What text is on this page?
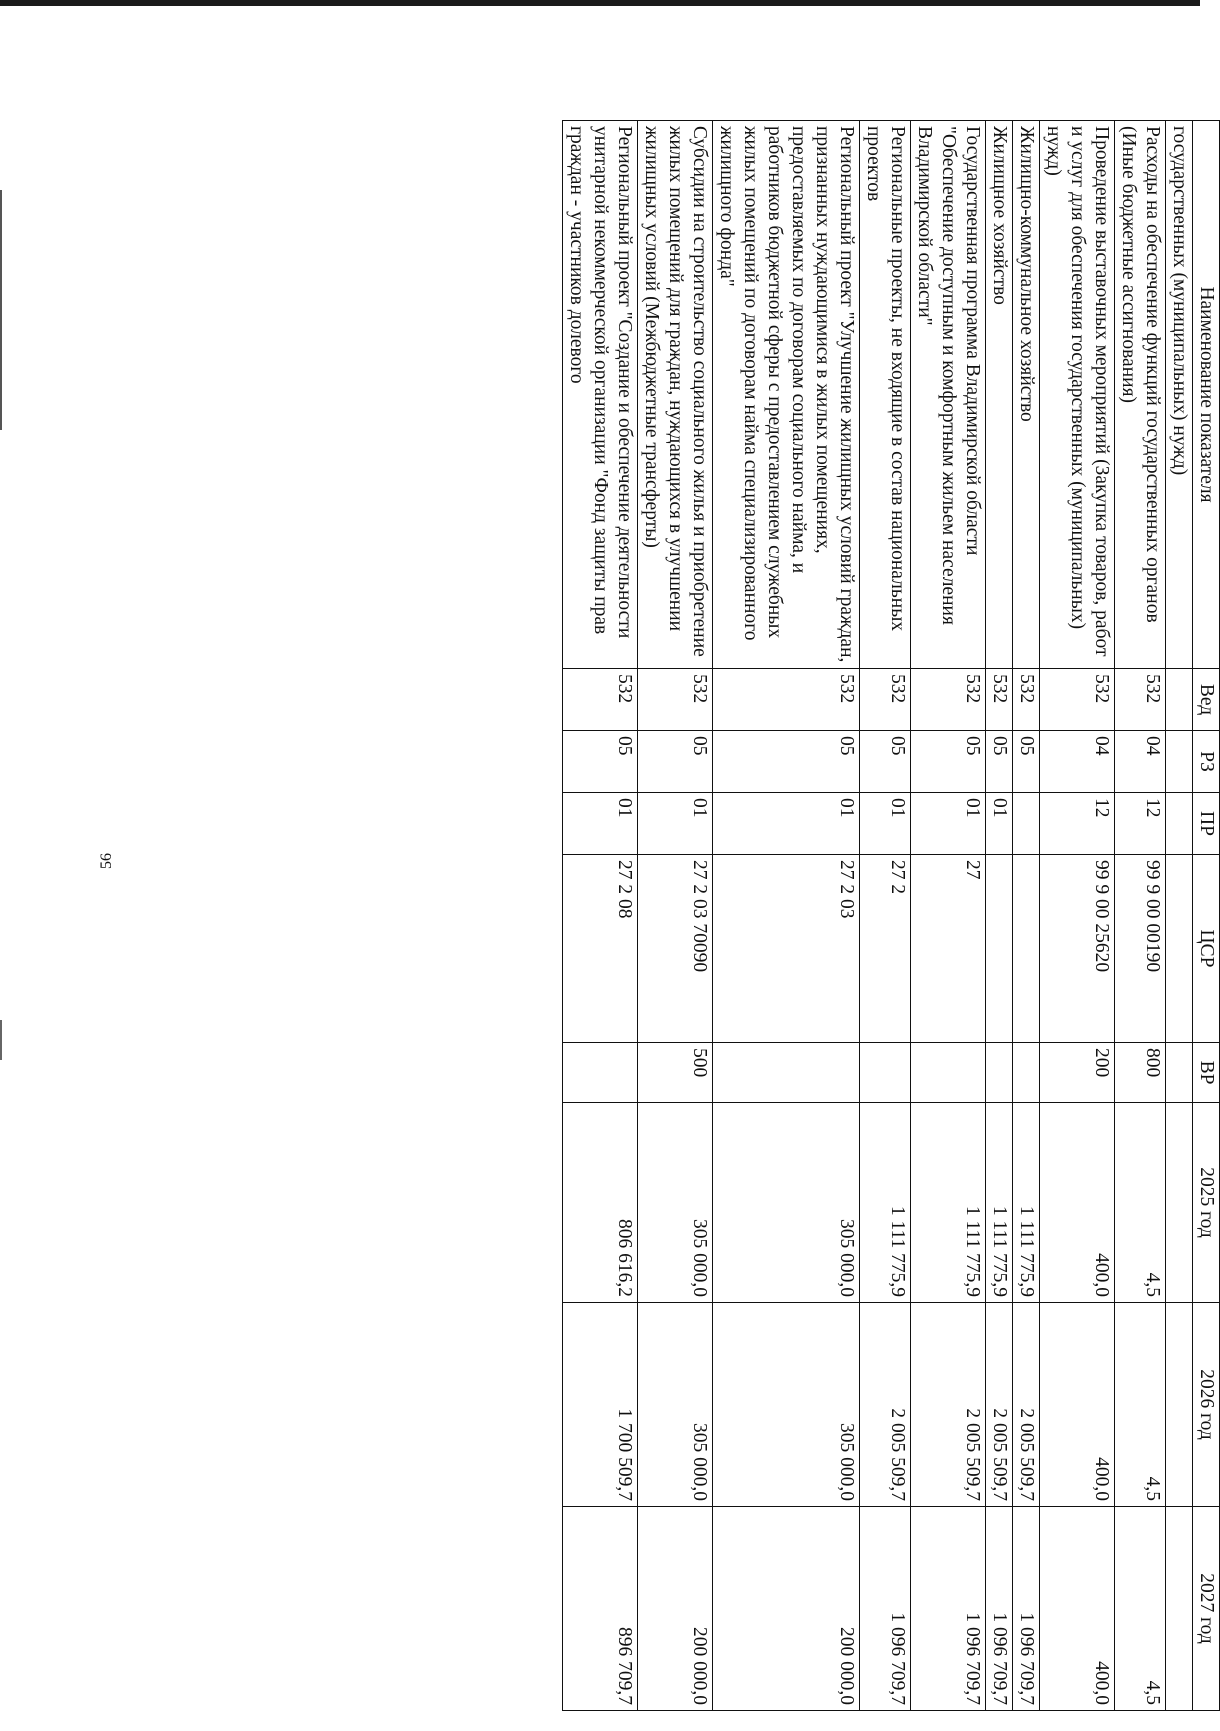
56
Наименование показателя	Вед	РЗ	ПР	ЦСР	ВР	2025 год	2026 год	2027 год
государственных (муниципальных) нужд)								
Расходы на обеспечение функций государственных органов (Иные бюджетные ассигнования)	532	04	12	99 9 00 00190	800	4,5	4,5	4,5
Проведение выставочных мероприятий (Закупка товаров, работ и услуг для обеспечения государственных (муниципальных) нужд)	532	04	12	99 9 00 25620	200	400,0	400,0	400,0
Жилищно-коммунальное хозяйство	532	05				1 111 775,9	2 005 509,7	1 096 709,7
Жилищное хозяйство	532	05	01			1 111 775,9	2 005 509,7	1 096 709,7
Государственная программа Владимирской области "Обеспечение доступным и комфортным жильем населения Владимирской области"	532	05	01	27		1 111 775,9	2 005 509,7	1 096 709,7
Региональные проекты, не входящие в состав национальных проектов	532	05	01	27 2		1 111 775,9	2 005 509,7	1 096 709,7
Региональный проект "Улучшение жилищных условий граждан, признанных нуждающимися в жилых помещениях, предоставляемых по договорам социального найма, и работников бюджетной сферы с предоставлением служебных жилых помещений по договорам найма специализированного жилищного фонда"	532	05	01	27 2 03		305 000,0	305 000,0	200 000,0
Субсидии на строительство социального жилья и приобретение жилых помещений для граждан, нуждающихся в улучшении жилищных условий (Межбюджетные трансферты)	532	05	01	27 2 03 70090	500	305 000,0	305 000,0	200 000,0
Региональный проект "Создание и обеспечение деятельности унитарной некоммерческой организации "Фонд защиты прав граждан - участников долевого	532	05	01	27 2 08		806 616,2	1 700 509,7	896 709,7
